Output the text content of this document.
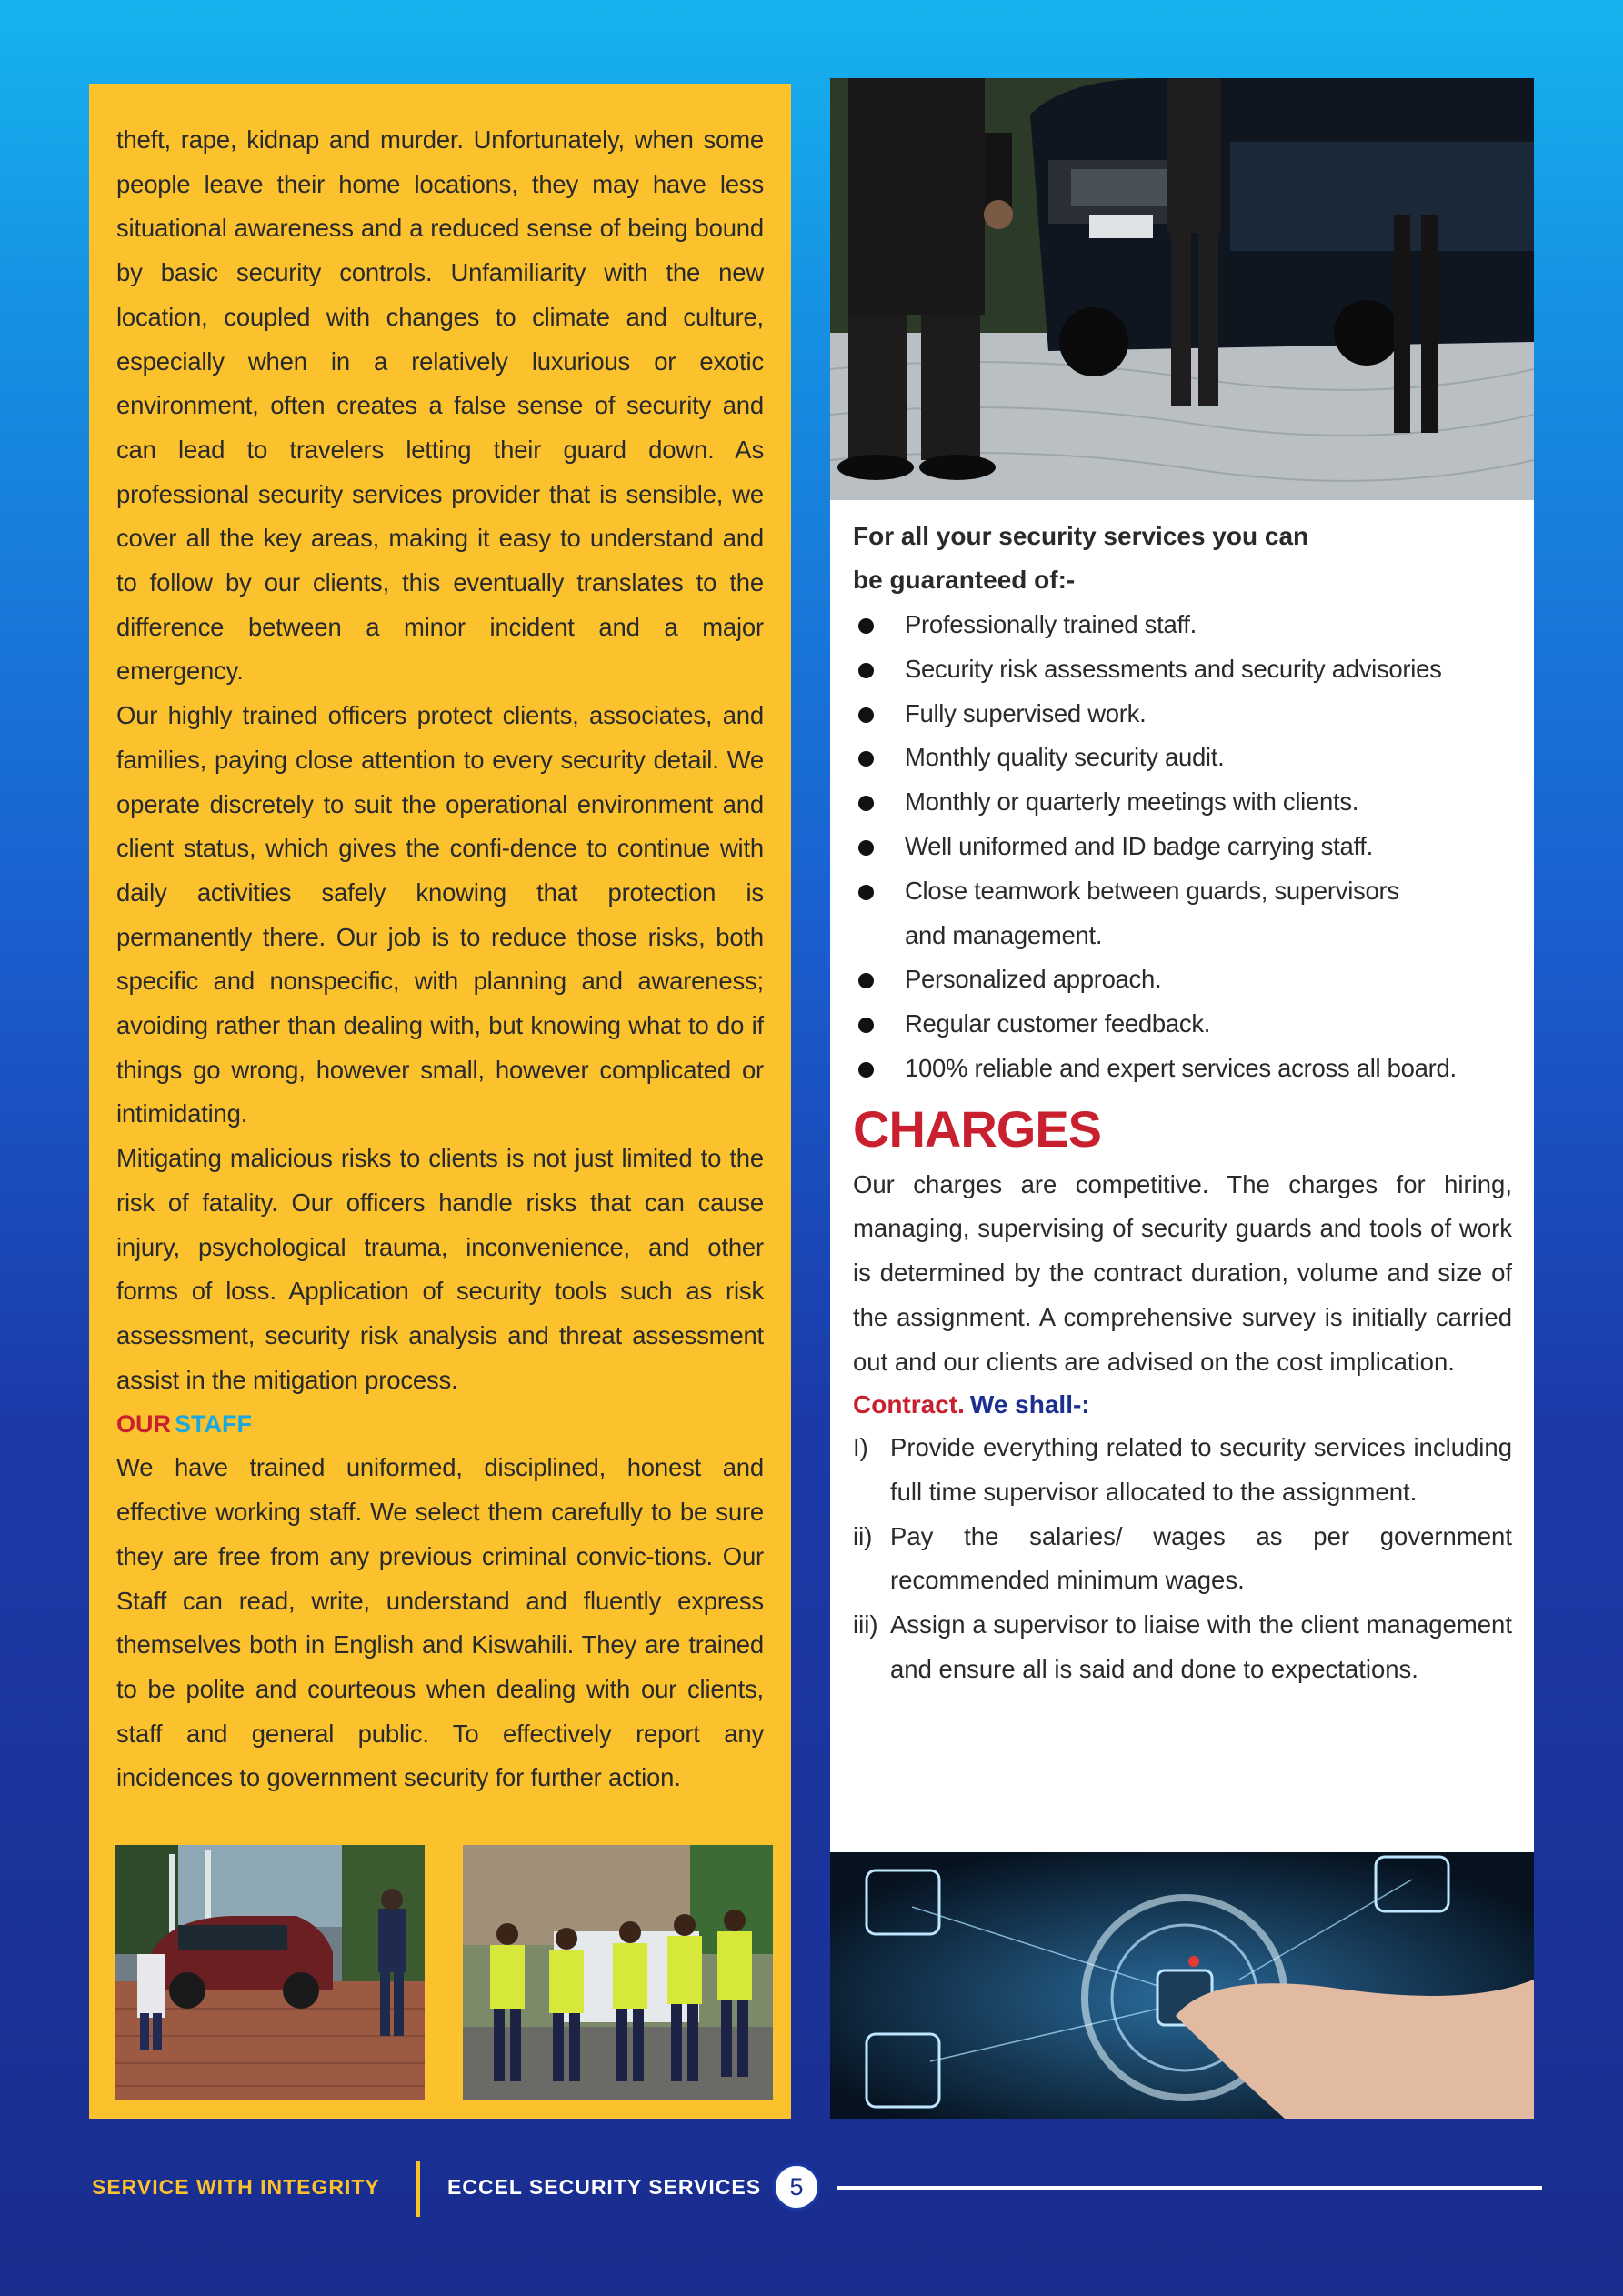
theft, rape, kidnap and murder. Unfortunately, when some people leave their home locations, they may have less situational awareness and a reduced sense of being bound by basic security controls. Unfamiliarity with the new location, coupled with changes to climate and culture, especially when in a relatively luxurious or exotic environment, often creates a false sense of security and can lead to travelers letting their guard down. As professional security services provider that is sensible, we cover all the key areas, making it easy to understand and to follow by our clients, this eventually translates to the difference between a minor incident and a major emergency.

Our highly trained officers protect clients, associates, and families, paying close attention to every security detail. We operate discretely to suit the operational environment and client status, which gives the confi-dence to continue with daily activities safely knowing that protection is permanently there. Our job is to reduce those risks, both specific and nonspecific, with planning and awareness; avoiding rather than dealing with, but knowing what to do if things go wrong, however small, however complicated or intimidating.

Mitigating malicious risks to clients is not just limited to the risk of fatality. Our officers handle risks that can cause injury, psychological trauma, inconvenience, and other forms of loss. Application of security tools such as risk assessment, security risk analysis and threat assessment assist in the mitigation process.

OUR STAFF

We have trained uniformed, disciplined, honest and effective working staff. We select them carefully to be sure they are free from any previous criminal convic-tions. Our Staff can read, write, understand and fluently express themselves both in English and Kiswahili. They are trained to be polite and courteous when dealing with our clients, staff and general public. To effectively report any incidences to government security for further action.

For all your security services you can
be guaranteed of:-
Professionally trained staff.
Security risk assessments and security advisories
Fully supervised work.
Monthly quality security audit.
Monthly or quarterly meetings with clients.
Well uniformed and ID badge carrying staff.
Close teamwork between guards, supervisors and management.
Personalized approach.
Regular customer feedback.
100% reliable and expert services across all board.
CHARGES

Our charges are competitive. The charges for hiring, managing, supervising of security guards and tools of work is determined by the contract duration, volume and size of the assignment. A comprehensive survey is initially carried out and our clients are advised on the cost implication.

Contract. We shall-:
I) Provide everything related to security services including full time supervisor allocated to the assignment.
ii) Pay the salaries/ wages as per government recommended minimum wages.
iii) Assign a supervisor to liaise with the client management and ensure all is said and done to expectations.
SERVICE WITH INTEGRITY	ECCEL SECURITY SERVICES	5
